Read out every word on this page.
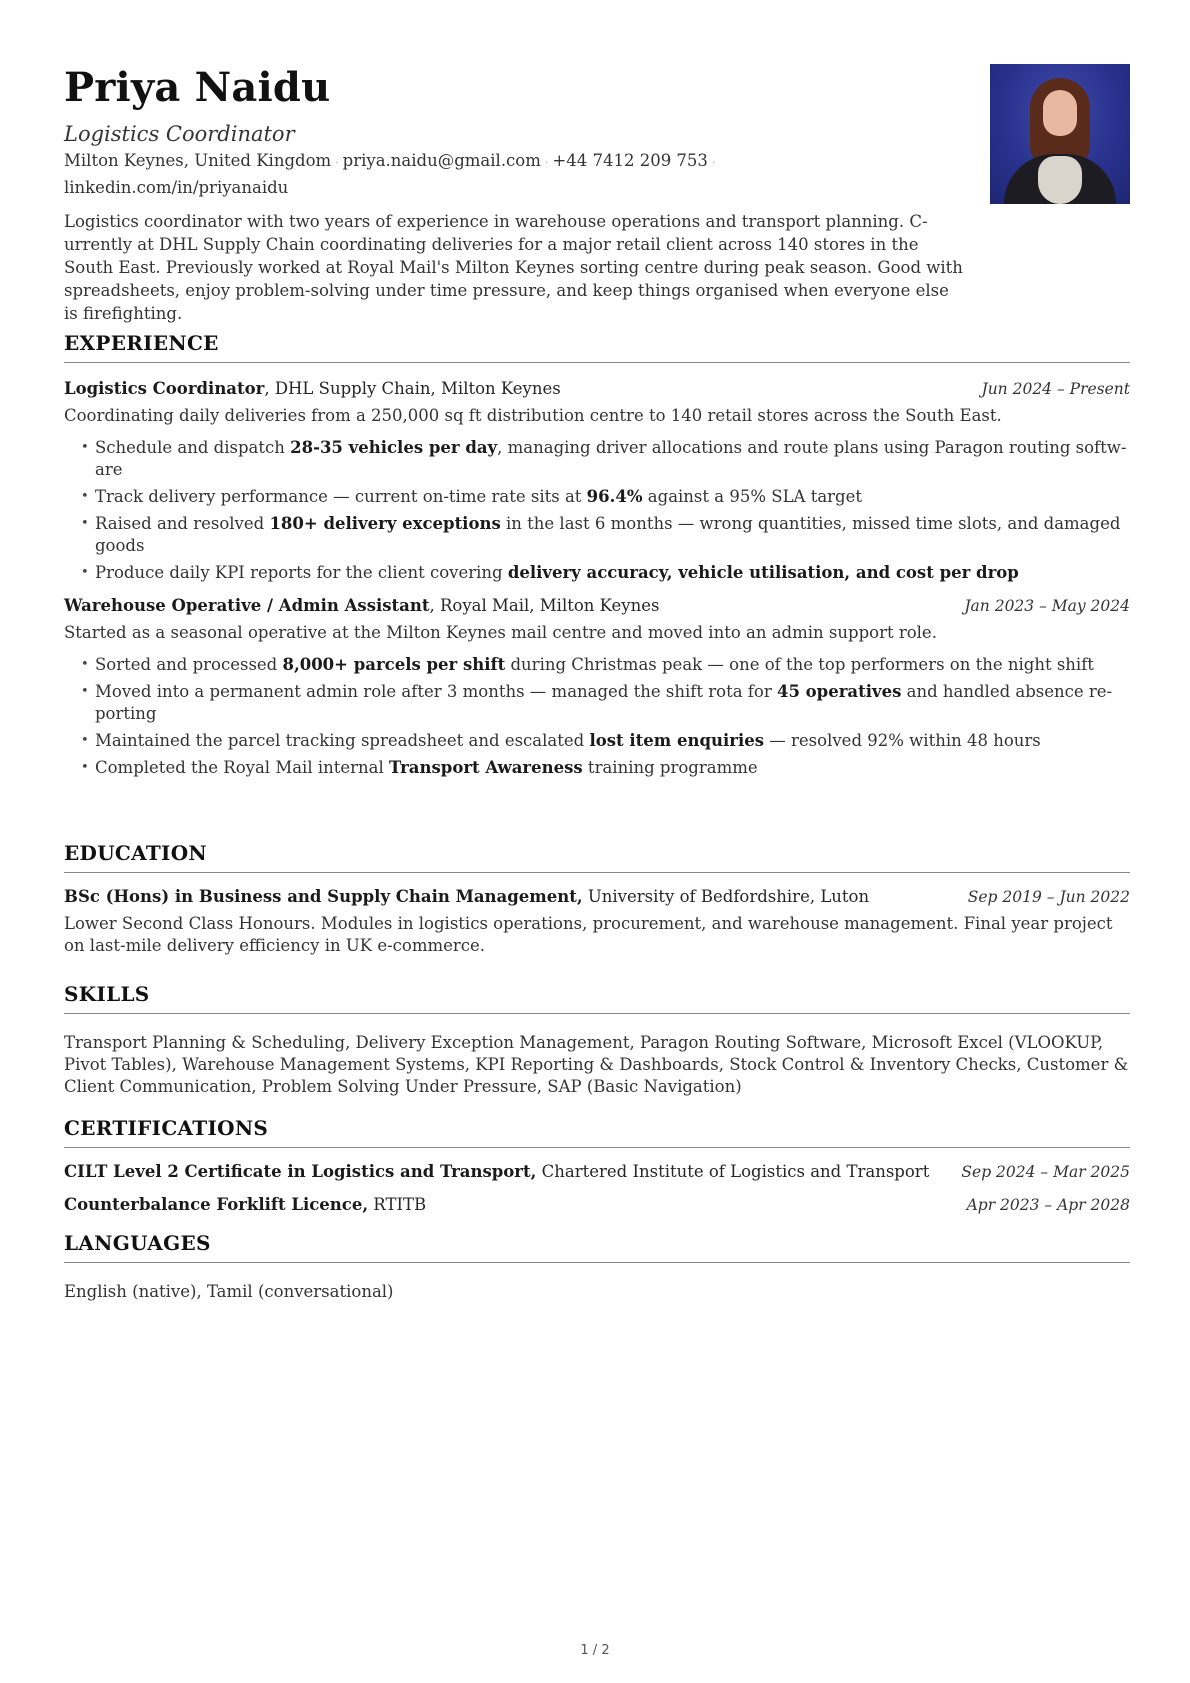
Priya Naidu
Logistics Coordinator
Milton Keynes, United Kingdom · priya.naidu@gmail.com · +44 7412 209 753 ·
linkedin.com/in/priyanaidu
Logistics coordinator with two years of experience in warehouse operations and transport planning. C-urrently at DHL Supply Chain coordinating deliveries for a major retail client across 140 stores in the South East. Previously worked at Royal Mail's Milton Keynes sorting centre during peak season. Good with spreadsheets, enjoy problem-solving under time pressure, and keep things organised when everyone else is firefighting.
EXPERIENCE
Logistics Coordinator, DHL Supply Chain, Milton Keynes	Jun 2024 – Present
Coordinating daily deliveries from a 250,000 sq ft distribution centre to 140 retail stores across the South East.
• Schedule and dispatch 28-35 vehicles per day, managing driver allocations and route plans using Paragon routing softw-are
• Track delivery performance — current on-time rate sits at 96.4% against a 95% SLA target
• Raised and resolved 180+ delivery exceptions in the last 6 months — wrong quantities, missed time slots, and damaged goods
• Produce daily KPI reports for the client covering delivery accuracy, vehicle utilisation, and cost per drop
Warehouse Operative / Admin Assistant, Royal Mail, Milton Keynes	Jan 2023 – May 2024
Started as a seasonal operative at the Milton Keynes mail centre and moved into an admin support role.
• Sorted and processed 8,000+ parcels per shift during Christmas peak — one of the top performers on the night shift
• Moved into a permanent admin role after 3 months — managed the shift rota for 45 operatives and handled absence re-porting
• Maintained the parcel tracking spreadsheet and escalated lost item enquiries — resolved 92% within 48 hours
• Completed the Royal Mail internal Transport Awareness training programme
EDUCATION
BSc (Hons) in Business and Supply Chain Management, University of Bedfordshire, Luton	Sep 2019 – Jun 2022
Lower Second Class Honours. Modules in logistics operations, procurement, and warehouse management. Final year project on last-mile delivery efficiency in UK e-commerce.
SKILLS
Transport Planning & Scheduling, Delivery Exception Management, Paragon Routing Software, Microsoft Excel (VLOOKUP, Pivot Tables), Warehouse Management Systems, KPI Reporting & Dashboards, Stock Control & Inventory Checks, Customer & Client Communication, Problem Solving Under Pressure, SAP (Basic Navigation)
CERTIFICATIONS
CILT Level 2 Certificate in Logistics and Transport, Chartered Institute of Logistics and Transport Sep 2024 – Mar 2025
Counterbalance Forklift Licence, RTITB	Apr 2023 – Apr 2028
LANGUAGES
English (native), Tamil (conversational)
1 / 2
